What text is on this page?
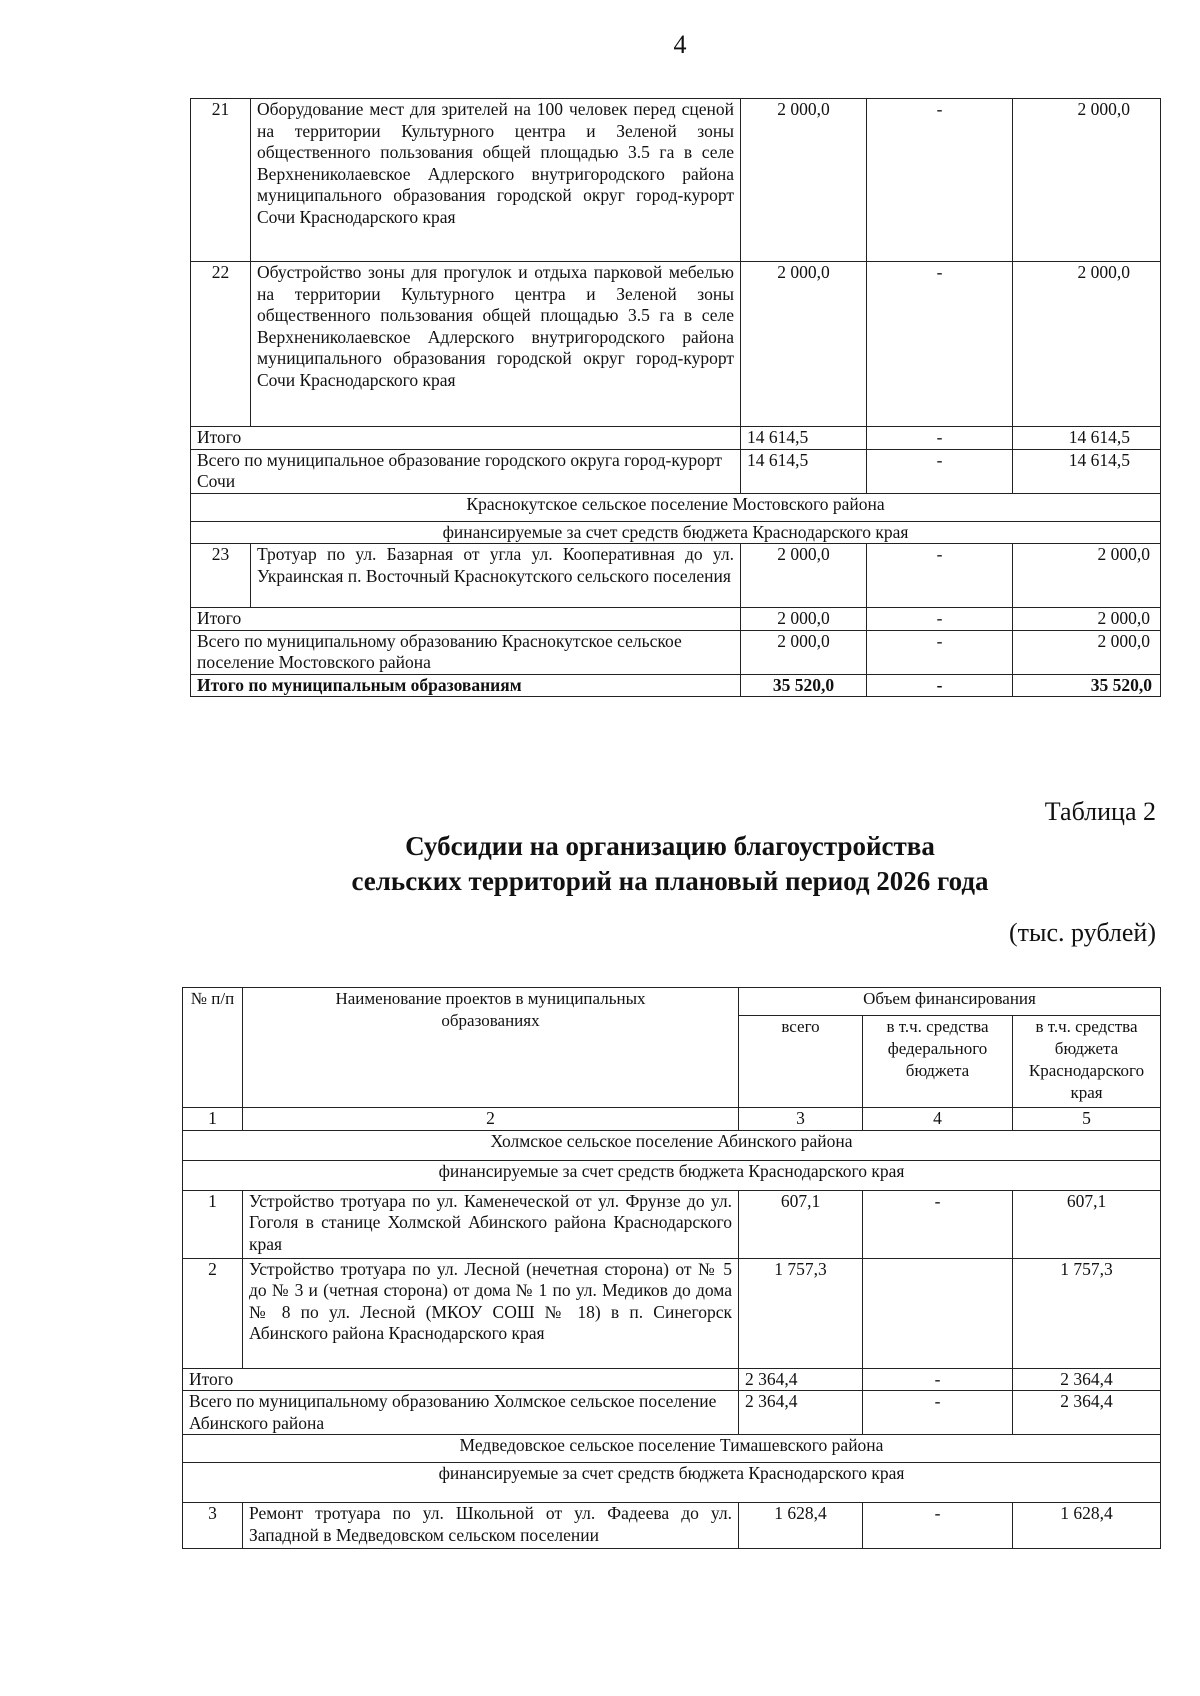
4
21	Оборудование мест для зрителей на 100 человек перед сценой на территории Культурного центра и Зеленой зоны общественного пользования общей площадью 3.5 га в селе Верхнениколаевское Адлерского внутригородского района муниципального образования городской округ город-курорт Сочи Краснодарского края	2 000,0	-	2 000,0
22	Обустройство зоны для прогулок и отдыха парковой мебелью на территории Культурного центра и Зеленой зоны общественного пользования общей площадью 3.5 га в селе Верхнениколаевское Адлерского внутригородского района муниципального образования городской округ город-курорт Сочи Краснодарского края	2 000,0	-	2 000,0
Итого		14 614,5	-	14 614,5
Всего по муниципальное образование городского округа город-курорт Сочи		14 614,5	-	14 614,5
Краснокутское сельское поселение Мостовского района				
финансируемые за счет средств бюджета Краснодарского края				
23	Тротуар по ул. Базарная от угла ул. Кооперативная до ул. Украинская п. Восточный Краснокутского сельского поселения	2 000,0	-	2 000,0
Итого		2 000,0	-	2 000,0
Всего по муниципальному образованию Краснокутское сельское поселение Мостовского района		2 000,0	-	2 000,0
Итого по муниципальным образованиям		35 520,0	-	35 520,0
Таблица 2
Субсидии на организацию благоустройства
сельских территорий на плановый период 2026 года
(тыс. рублей)
№ п/п	Наименование проектов в муниципальных образованиях	Объем финансирования		
		всего	в т.ч. средства федерального бюджета	в т.ч. средства бюджета Краснодарского края
1	2	3	4	5
Холмское сельское поселение Абинского района				
финансируемые за счет средств бюджета Краснодарского края				
1	Устройство тротуара по ул. Каменеческой от ул. Фрунзе до ул. Гоголя в станице Холмской Абинского района Краснодарского края	607,1	-	607,1
2	Устройство тротуара по ул. Лесной (нечетная сторона) от № 5 до № 3 и (четная сторона) от дома № 1 по ул. Медиков до дома № 8 по ул. Лесной (МКОУ СОШ № 18) в п. Синегорск Абинского района Краснодарского края	1 757,3		1 757,3
Итого		2 364,4	-	2 364,4
Всего по муниципальному образованию Холмское сельское поселение Абинского района		2 364,4	-	2 364,4
Медведовское сельское поселение Тимашевского района				
финансируемые за счет средств бюджета Краснодарского края				
3	Ремонт тротуара по ул. Школьной от ул. Фадеева до ул. Западной в Медведовском сельском поселении	1 628,4	-	1 628,4
